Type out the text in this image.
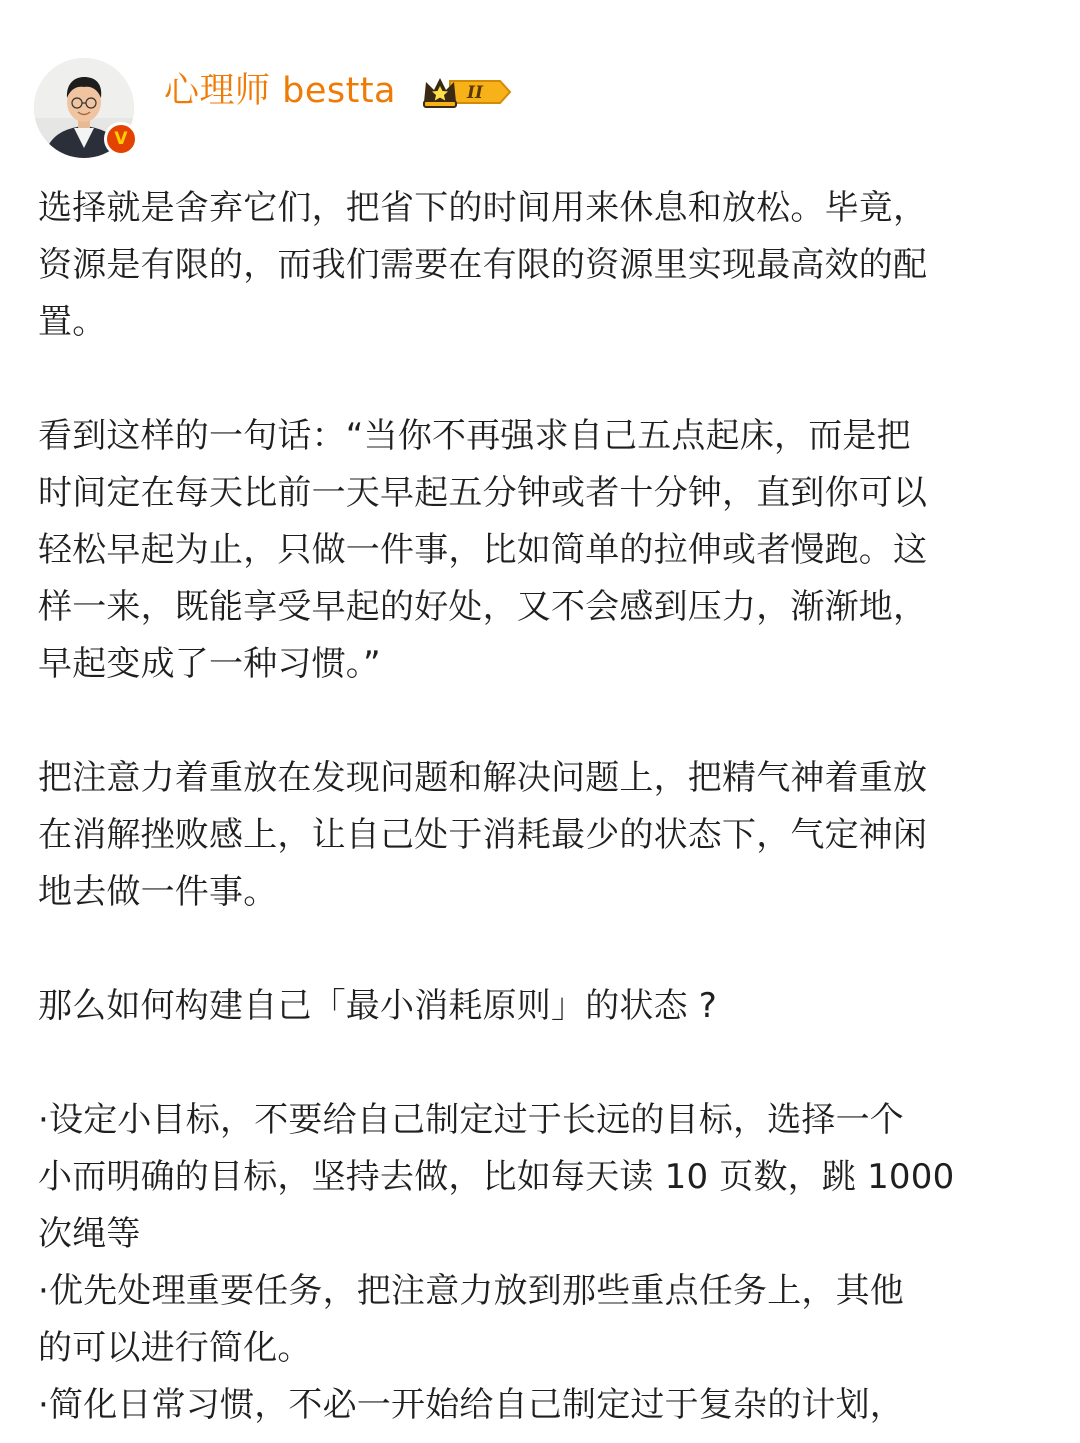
V
心理师 bestta	II

选择就是舍弃它们，把省下的时间用来休息和放松。毕竟，
资源是有限的，而我们需要在有限的资源里实现最高效的配
置。

看到这样的一句话：“当你不再强求自己五点起床，而是把
时间定在每天比前一天早起五分钟或者十分钟，直到你可以
轻松早起为止，只做一件事，比如简单的拉伸或者慢跑。这
样一来，既能享受早起的好处，又不会感到压力，渐渐地，
早起变成了一种习惯。”

把注意力着重放在发现问题和解决问题上，把精气神着重放
在消解挫败感上，让自己处于消耗最少的状态下，气定神闲
地去做一件事。

那么如何构建自己「最小消耗原则」的状态 ?

·设定小目标，不要给自己制定过于长远的目标，选择一个
小而明确的目标，坚持去做，比如每天读 10 页数，跳 1000
次绳等
·优先处理重要任务，把注意力放到那些重点任务上，其他
的可以进行简化。
·简化日常习惯，不必一开始给自己制定过于复杂的计划，
